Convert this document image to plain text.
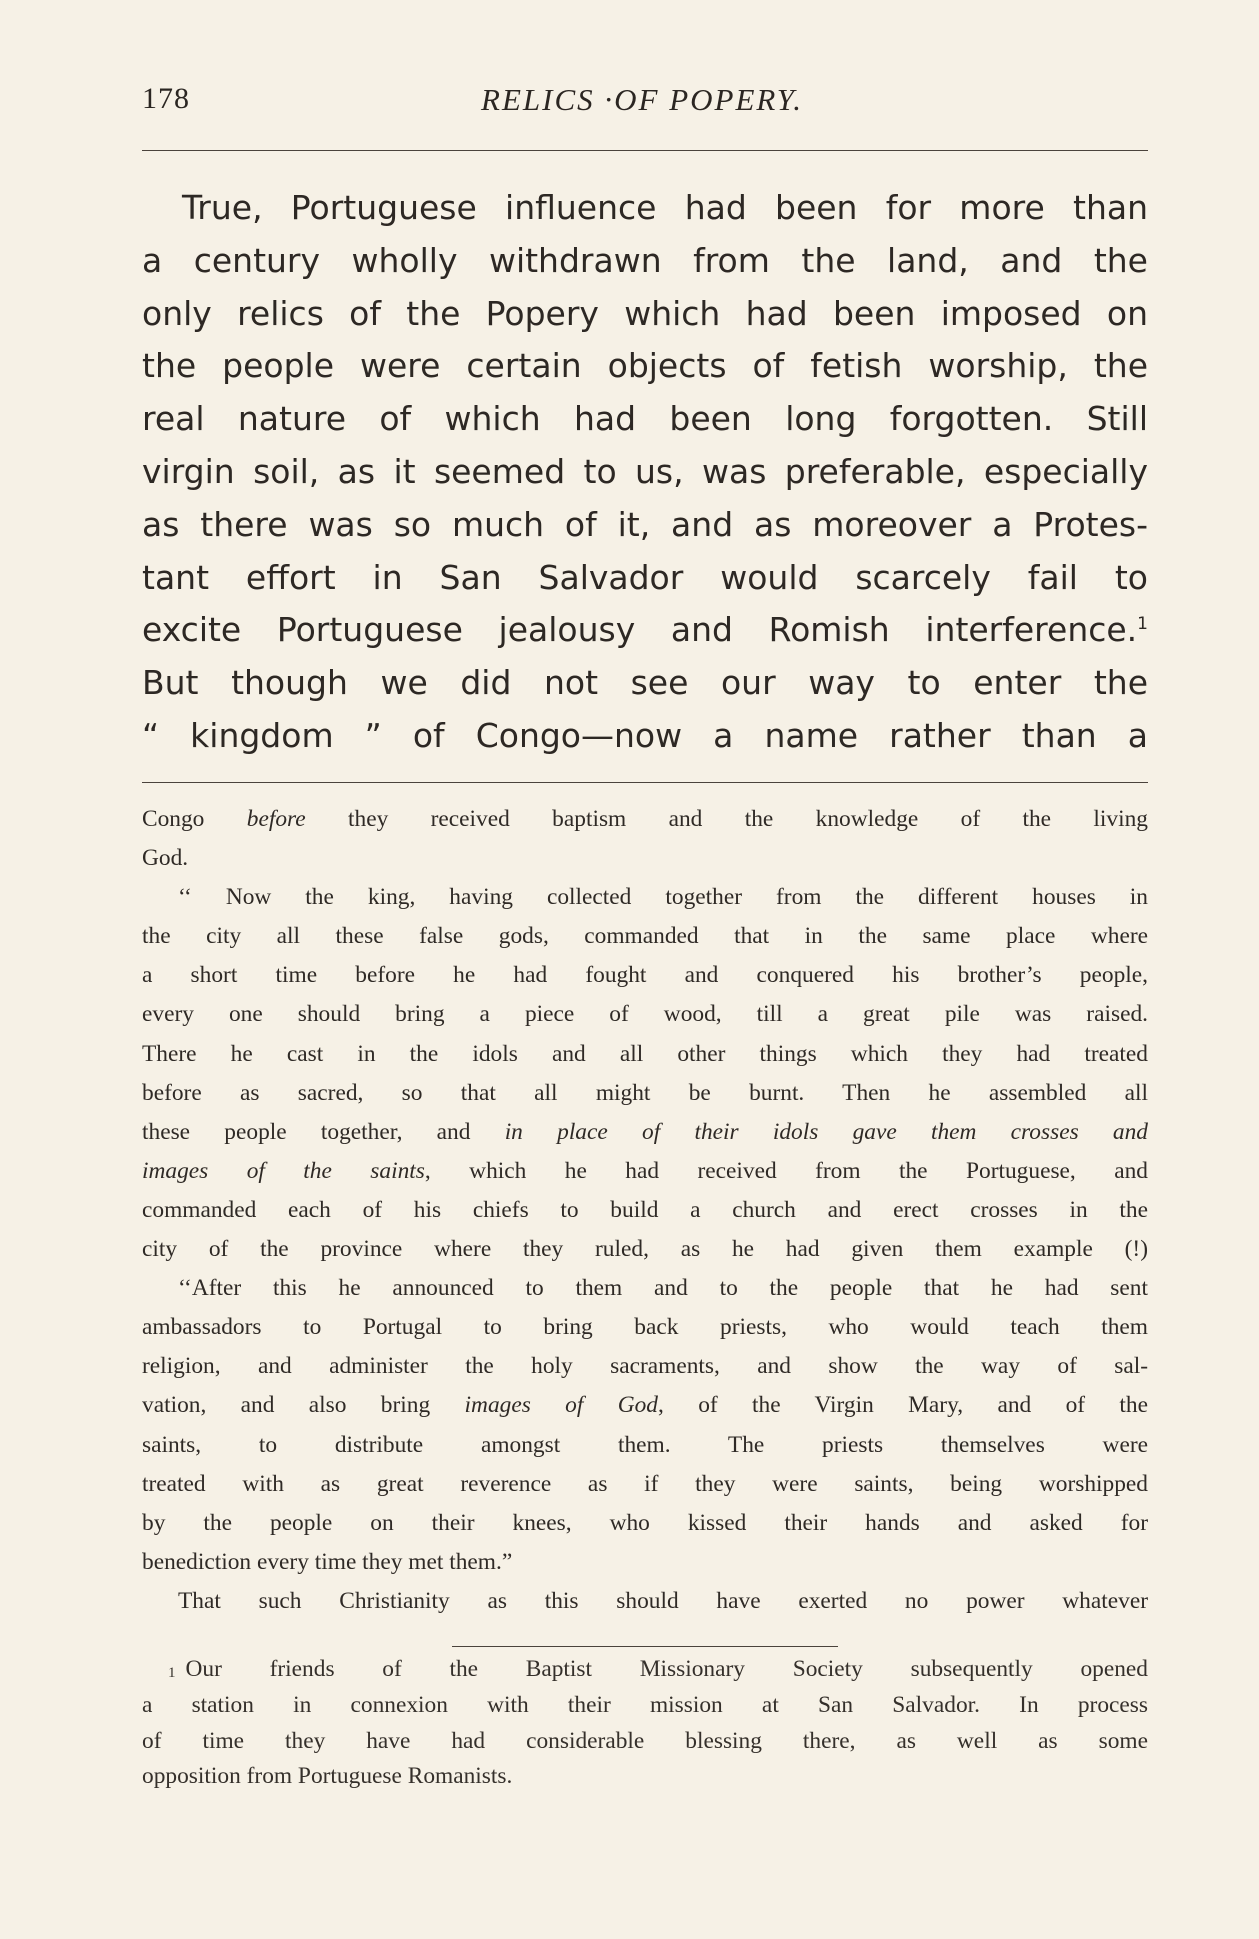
178	RELICS ·OF POPERY.
True, Portuguese influence had been for more than
a century wholly withdrawn from the land, and the
only relics of the Popery which had been imposed on
the people were certain objects of fetish worship, the
real nature of which had been long forgotten. Still
virgin soil, as it seemed to us, was preferable, especially
as there was so much of it, and as moreover a Protes-
tant effort in San Salvador would scarcely fail to
excite Portuguese jealousy and Romish interference.$^1$
But though we did not see our way to enter the
“ kingdom ” of Congo—now a name rather than a
Congo before they received baptism and the knowledge of the living
God.
‘‘ Now the king, having collected together from the different houses in
the city all these false gods, commanded that in the same place where
a short time before he had fought and conquered his brother’s people,
every one should bring a piece of wood, till a great pile was raised.
There he cast in the idols and all other things which they had treated
before as sacred, so that all might be burnt. Then he assembled all
these people together, and in place of their idols gave them crosses and
images of the saints, which he had received from the Portuguese, and
commanded each of his chiefs to build a church and erect crosses in the
city of the province where they ruled, as he had given them example (!)
‘‘After this he announced to them and to the people that he had sent
ambassadors to Portugal to bring back priests, who would teach them
religion, and administer the holy sacraments, and show the way of sal-
vation, and also bring images of God, of the Virgin Mary, and of the
saints, to distribute amongst them. The priests themselves were
treated with as great reverence as if they were saints, being worshipped
by the people on their knees, who kissed their hands and asked for
benediction every time they met them.”
That such Christianity as this should have exerted no power whatever
$^1$ Our friends of the Baptist Missionary Society subsequently opened
a station in connexion with their mission at San Salvador. In process
of time they have had considerable blessing there, as well as some
opposition from Portuguese Romanists.
